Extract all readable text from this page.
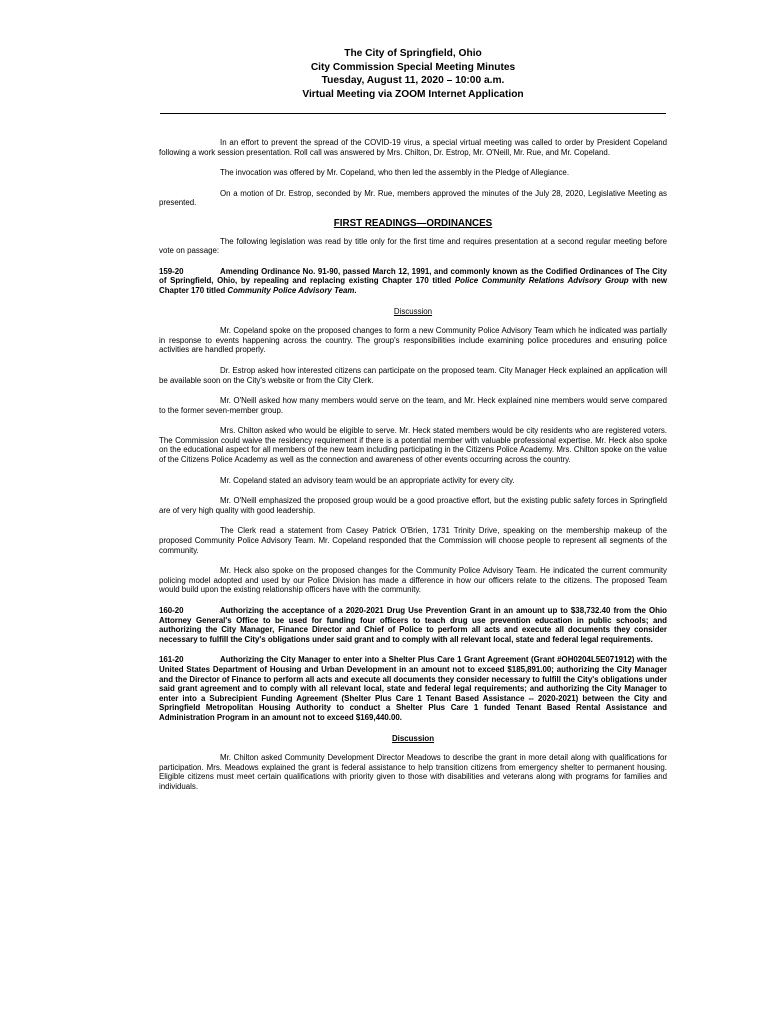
The City of Springfield, Ohio
City Commission Special Meeting Minutes
Tuesday, August 11, 2020 – 10:00 a.m.
Virtual Meeting via ZOOM Internet Application

In an effort to prevent the spread of the COVID-19 virus, a special virtual meeting was called to order by President Copeland following a work session presentation. Roll call was answered by Mrs. Chilton, Dr. Estrop, Mr. O'Neill, Mr. Rue, and Mr. Copeland.

The invocation was offered by Mr. Copeland, who then led the assembly in the Pledge of Allegiance.

On a motion of Dr. Estrop, seconded by Mr. Rue, members approved the minutes of the July 28, 2020, Legislative Meeting as presented.

FIRST READINGS—ORDINANCES

The following legislation was read by title only for the first time and requires presentation at a second regular meeting before vote on passage:

159-20	Amending Ordinance No. 91-90, passed March 12, 1991, and commonly known as the Codified Ordinances of The City of Springfield, Ohio, by repealing and replacing existing Chapter 170 titled Police Community Relations Advisory Group with new Chapter 170 titled Community Police Advisory Team.
Discussion

Mr. Copeland spoke on the proposed changes to form a new Community Police Advisory Team which he indicated was partially in response to events happening across the country. The group's responsibilities include examining police procedures and ensuring police activities are handled properly.

Dr. Estrop asked how interested citizens can participate on the proposed team. City Manager Heck explained an application will be available soon on the City's website or from the City Clerk.

Mr. O'Neill asked how many members would serve on the team, and Mr. Heck explained nine members would serve compared to the former seven-member group.

Mrs. Chilton asked who would be eligible to serve. Mr. Heck stated members would be city residents who are registered voters. The Commission could waive the residency requirement if there is a potential member with valuable professional expertise. Mr. Heck also spoke on the educational aspect for all members of the new team including participating in the Citizens Police Academy. Mrs. Chilton spoke on the value of the Citizens Police Academy as well as the connection and awareness of other events occurring across the country.

Mr. Copeland stated an advisory team would be an appropriate activity for every city.

Mr. O'Neill emphasized the proposed group would be a good proactive effort, but the existing public safety forces in Springfield are of very high quality with good leadership.

The Clerk read a statement from Casey Patrick O'Brien, 1731 Trinity Drive, speaking on the membership makeup of the proposed Community Police Advisory Team. Mr. Copeland responded that the Commission will choose people to represent all segments of the community.

Mr. Heck also spoke on the proposed changes for the Community Police Advisory Team. He indicated the current community policing model adopted and used by our Police Division has made a difference in how our officers relate to the citizens. The proposed Team would build upon the existing relationship officers have with the community.

160-20	Authorizing the acceptance of a 2020-2021 Drug Use Prevention Grant in an amount up to $38,732.40 from the Ohio Attorney General's Office to be used for funding four officers to teach drug use prevention education in public schools; and authorizing the City Manager, Finance Director and Chief of Police to perform all acts and execute all documents they consider necessary to fulfill the City's obligations under said grant and to comply with all relevant local, state and federal legal requirements.
161-20	Authorizing the City Manager to enter into a Shelter Plus Care 1 Grant Agreement (Grant #OH0204L5E071912) with the United States Department of Housing and Urban Development in an amount not to exceed $185,891.00; authorizing the City Manager and the Director of Finance to perform all acts and execute all documents they consider necessary to fulfill the City's obligations under said grant agreement and to comply with all relevant local, state and federal legal requirements; and authorizing the City Manager to enter into a Subrecipient Funding Agreement (Shelter Plus Care 1 Tenant Based Assistance -- 2020-2021) between the City and Springfield Metropolitan Housing Authority to conduct a Shelter Plus Care 1 funded Tenant Based Rental Assistance and Administration Program in an amount not to exceed $169,440.00.
Discussion

Mr. Chilton asked Community Development Director Meadows to describe the grant in more detail along with qualifications for participation. Mrs. Meadows explained the grant is federal assistance to help transition citizens from emergency shelter to permanent housing. Eligible citizens must meet certain qualifications with priority given to those with disabilities and veterans along with programs for families and individuals.
